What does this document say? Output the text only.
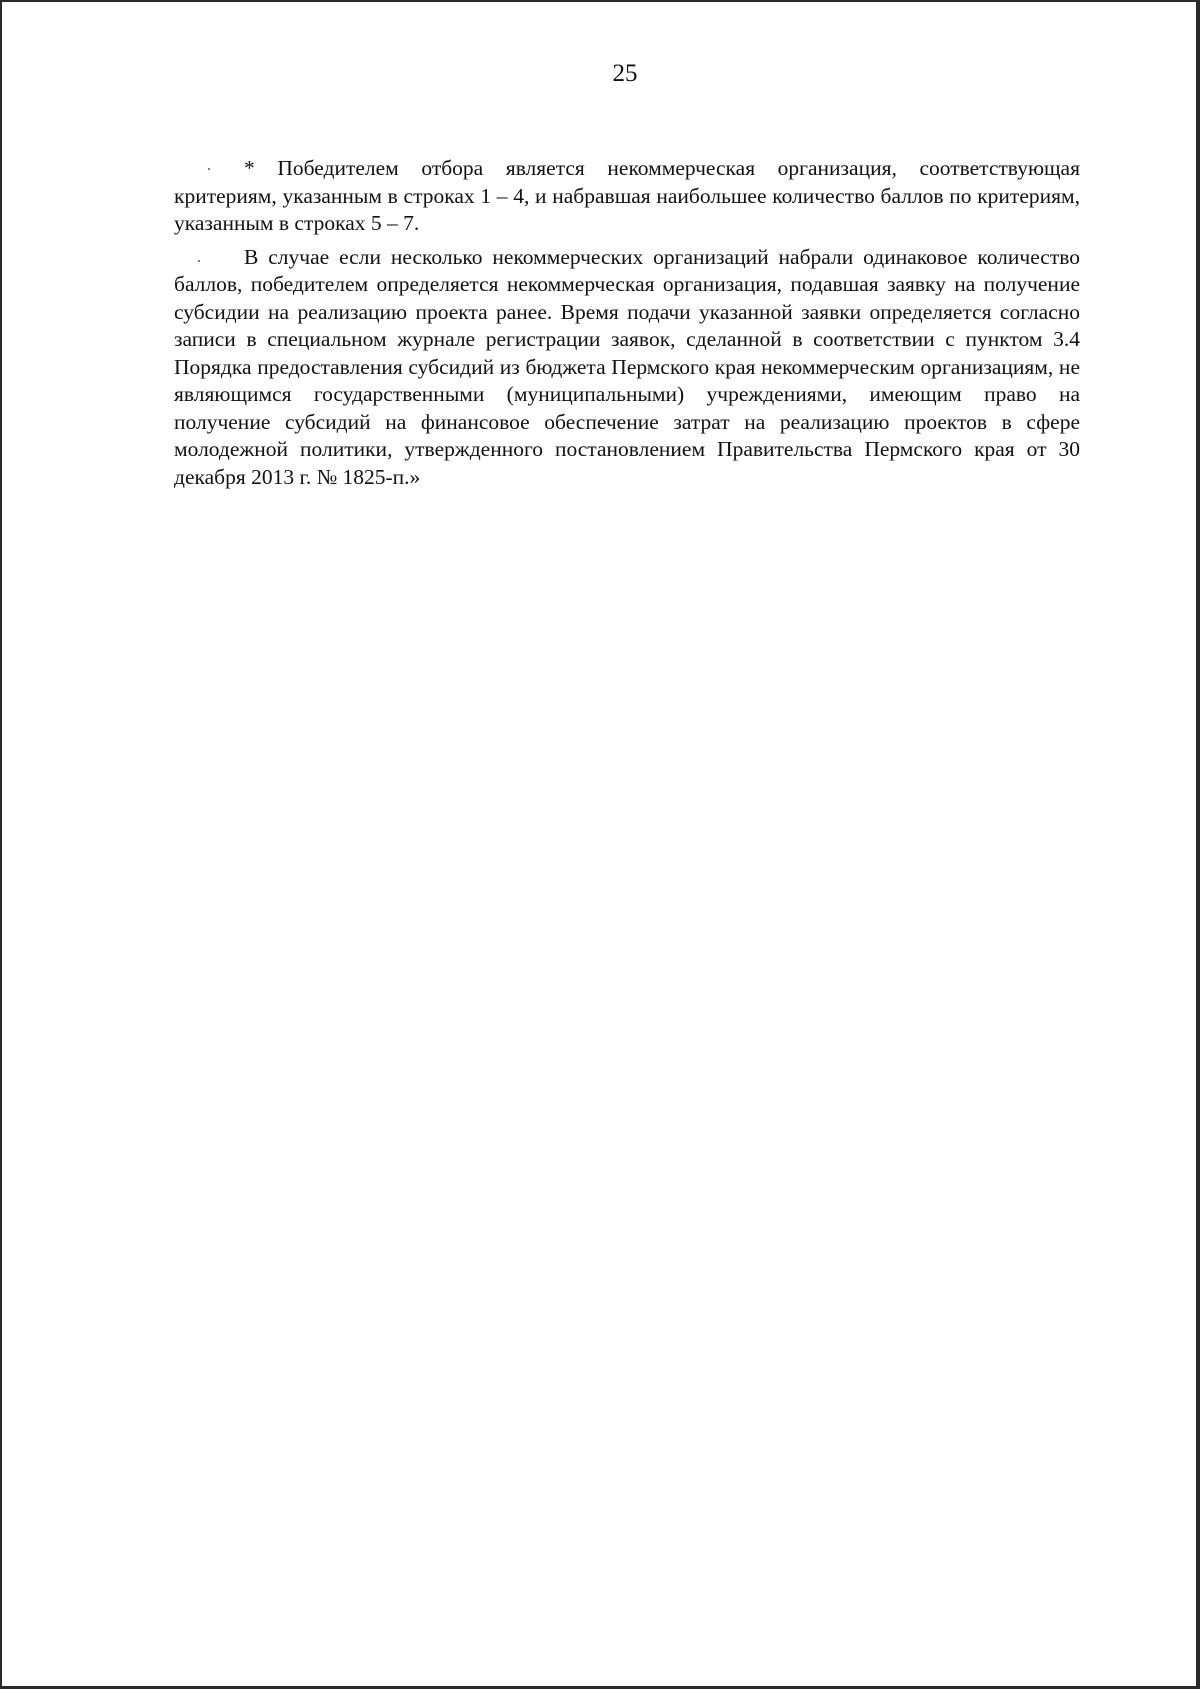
25

* Победителем отбора является некоммерческая организация, соответствующая критериям, указанным в строках 1 – 4, и набравшая наибольшее количество баллов по критериям, указанным в строках 5 – 7.

В случае если несколько некоммерческих организаций набрали одинаковое количество баллов, победителем определяется некоммерческая организация, подавшая заявку на получение субсидии на реализацию проекта ранее. Время подачи указанной заявки определяется согласно записи в специальном журнале регистрации заявок, сделанной в соответствии с пунктом 3.4 Порядка предоставления субсидий из бюджета Пермского края некоммерческим организациям, не являющимся государственными (муниципальными) учреждениями, имеющим право на получение субсидий на финансовое обеспечение затрат на реализацию проектов в сфере молодежной политики, утвержденного постановлением Правительства Пермского края от 30 декабря 2013 г. № 1825-п.»
